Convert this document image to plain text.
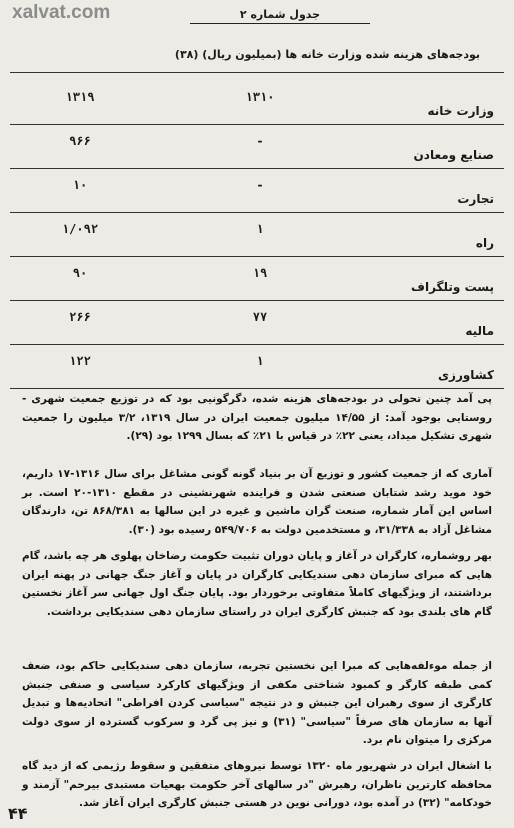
xalvat.com	جدول شماره ۲
بودجه‌های هزینه شده وزارت خانه ها (بمیلیون ریال) (۳۸)
وزارت خانه
۱۳۱۰
۱۳۱۹
صنایع ومعادن
-
۹۶۶
تجارت
-
۱۰
راه
۱
۱/۰۹۲
پست وتلگراف
۱۹
۹۰
مالیه
۷۷
۲۶۶
کشاورزی
۱
۱۲۲

پی آمد چنین تحولی در بودجه‌های هزینه شده، دگرگونیی بود که در توزیع جمعیت شهری - روستایی بوجود آمد: از ۱۴/۵۵ میلیون جمعیت ایران در سال ۱۳۱۹، ۳/۲ میلیون را جمعیت شهری تشکیل میداد، یعنی ۲۲٪ در قیاس با ۲۱٪ که بسال ۱۲۹۹ بود (۲۹).

آماری که از جمعیت کشور و توزیع آن بر بنیاد گونه گونی مشاغل برای سال ۱۳۱۶-۱۷ داریم، خود موید رشد شتابان صنعتی شدن و فراینده شهرنشینی در مقطع ۱۳۱۰-۲۰ است. بر اساس این آمار شماره، صنعت گران ماشین و غیره در این سالها به ۸۶۸/۳۸۱ تن، دارندگان مشاغل آزاد به ۳۱/۳۳۸، و مستخدمین دولت به ۵۴۹/۷۰۶ رسیده بود (۳۰).

بهر روشماره، کارگران در آغاز و پایان دوران تثبیت حکومت رضاخان پهلوی هر چه باشد، گام هایی که مبرای سازمان دهی سندیکایی کارگران در پایان و آغاز جنگ جهانی در پهنه ایران برداشتند، از ویژگیهای کاملاً متفاوتی برخوردار بود. پایان جنگ اول جهانی سر آغاز نخستین گام های بلندی بود که جنبش کارگری ایران در راستای سازمان دهی سندیکایی برداشت.

از جمله موءلفه‌هایی که مبرا این نخستین تجربه، سازمان دهی سندیکایی حاکم بود، ضعف کمی طبقه کارگر و کمبود شناختی مکفی از ویژگیهای کارکرد سیاسی و صنفی جنبش کارگری از سوی رهبران این جنبش و در نتیجه "سیاسی کردن افراطی" اتحادیه‌ها و تبدیل آنها به سازمان های صرفاً "سیاسی" (۳۱) و نیز پی گرد و سرکوب گسترده از سوی دولت مرکزی را میتوان نام برد.

با اشغال ایران در شهریور ماه ۱۳۲۰ توسط نیروهای متفقین و سقوط رژیمی که از دید گاه محافظه کارترین ناظران، رهبرش "در سالهای آخر حکومت بهعیات مستبدی بیرحم" آزمند و خودکامه" (۳۲) در آمده بود، دورانی نوین در هستی جنبش کارگری ایران آغاز شد.

۴۴
